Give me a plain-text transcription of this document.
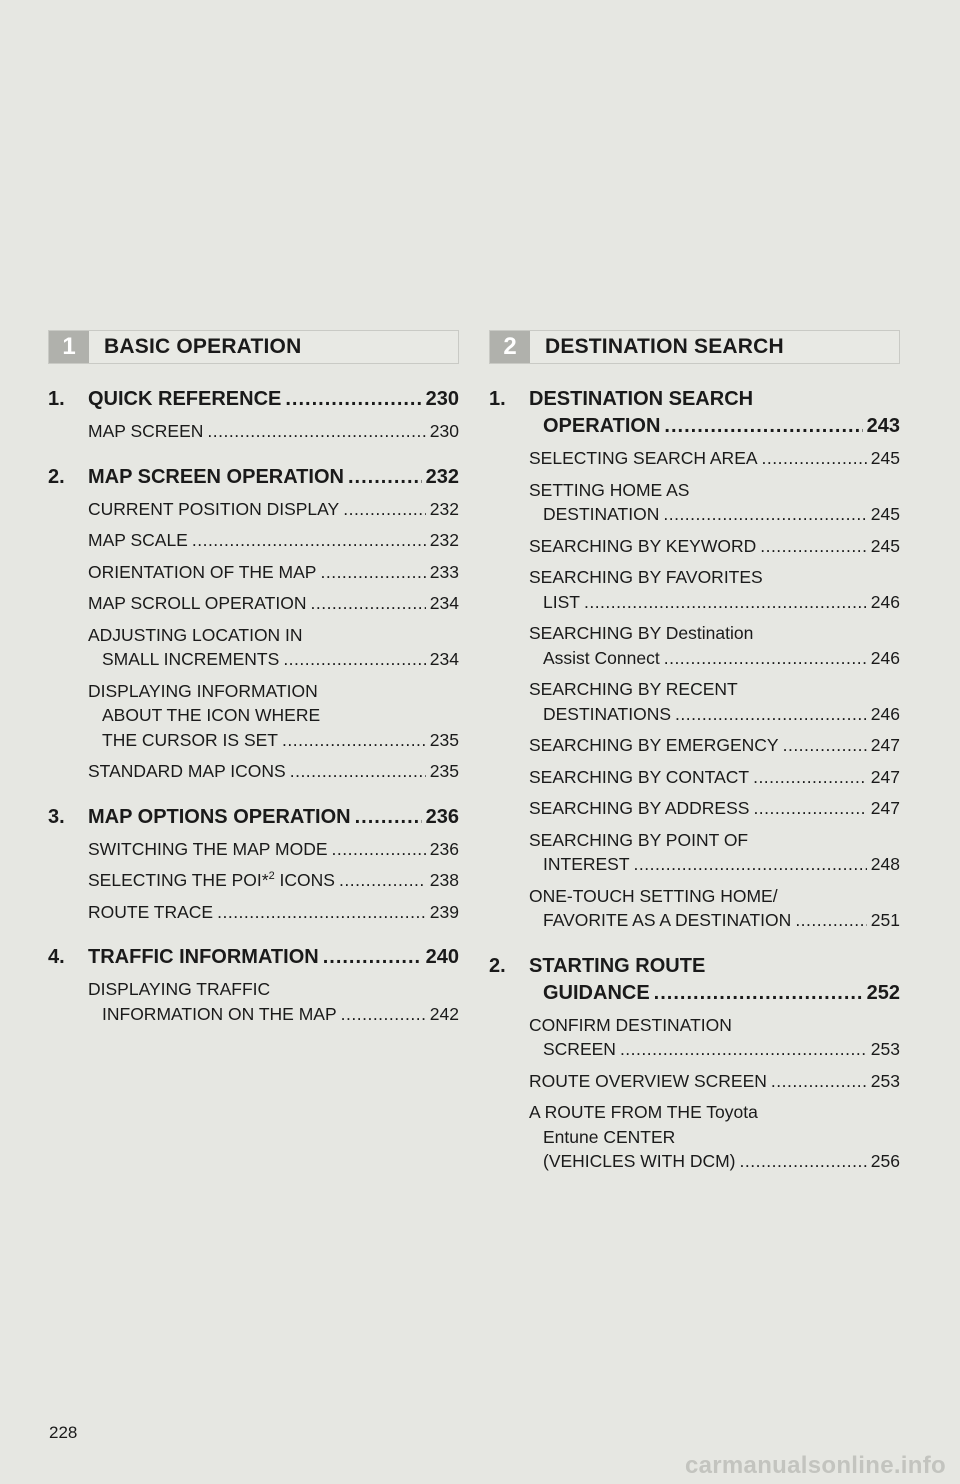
1	BASIC OPERATION
1.	QUICK REFERENCE .....	230
MAP SCREEN .....	230
2.	MAP SCREEN OPERATION .....	232
CURRENT POSITION DISPLAY .....	232
MAP SCALE .....	232
ORIENTATION OF THE MAP .....	233
MAP SCROLL OPERATION .....	234
ADJUSTING LOCATION IN
SMALL INCREMENTS .....	234
DISPLAYING INFORMATION
ABOUT THE ICON WHERE
THE CURSOR IS SET .....	235
STANDARD MAP ICONS .....	235
3.	MAP OPTIONS OPERATION .....	236
SWITCHING THE MAP MODE .....	236
SELECTING THE POI*$^2$ ICONS .....	238
ROUTE TRACE .....	239
4.	TRAFFIC INFORMATION .....	240
DISPLAYING TRAFFIC
INFORMATION ON THE MAP .....	242
2	DESTINATION SEARCH
1.	DESTINATION SEARCH
OPERATION .....	243
SELECTING SEARCH AREA .....	245
SETTING HOME AS
DESTINATION .....	245
SEARCHING BY KEYWORD .....	245
SEARCHING BY FAVORITES
LIST .....	246
SEARCHING BY Destination
Assist Connect .....	246
SEARCHING BY RECENT
DESTINATIONS .....	246
SEARCHING BY EMERGENCY .....	247
SEARCHING BY CONTACT .....	247
SEARCHING BY ADDRESS .....	247
SEARCHING BY POINT OF
INTEREST .....	248
ONE-TOUCH SETTING HOME/
FAVORITE AS A DESTINATION .....	251
2.	STARTING ROUTE
GUIDANCE .....	252
CONFIRM DESTINATION
SCREEN .....	253
ROUTE OVERVIEW SCREEN .....	253
A ROUTE FROM THE Toyota
Entune CENTER
(VEHICLES WITH DCM) .....	256
228
carmanualsonline.info
